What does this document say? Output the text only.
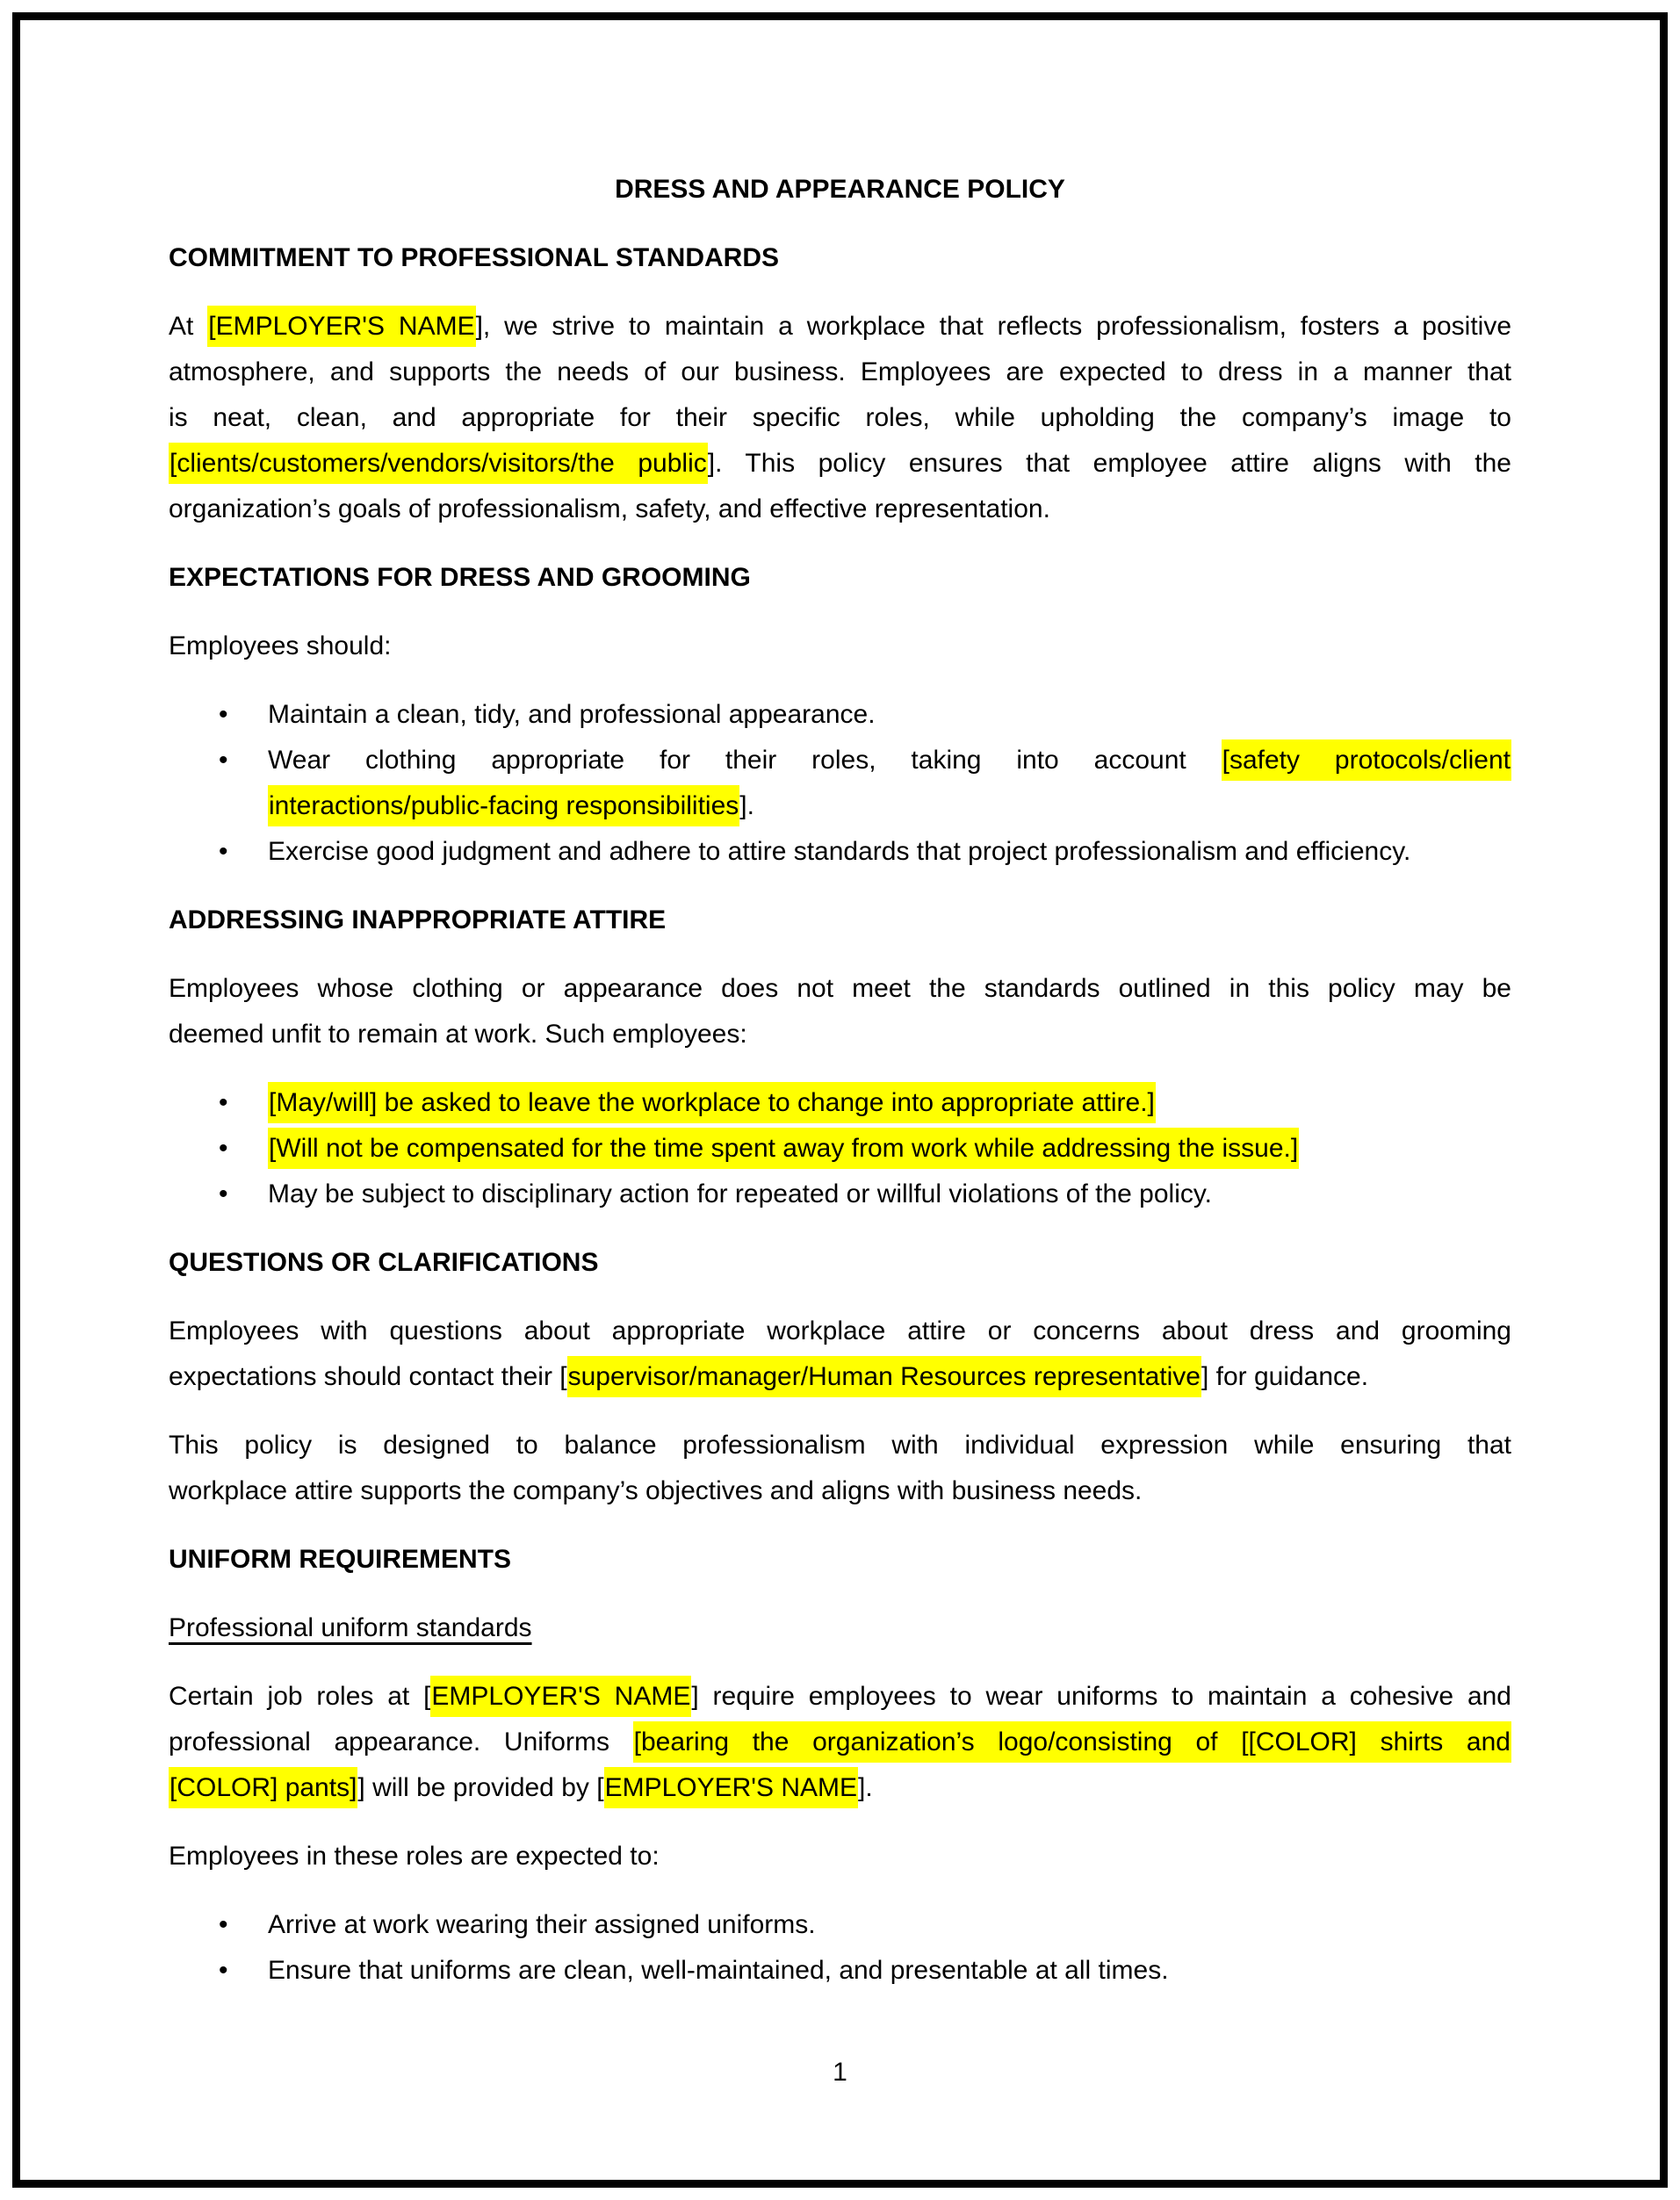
DRESS AND APPEARANCE POLICY
COMMITMENT TO PROFESSIONAL STANDARDS
At [EMPLOYER'S NAME], we strive to maintain a workplace that reflects professionalism, fosters a positive
atmosphere, and supports the needs of our business. Employees are expected to dress in a manner that
is neat, clean, and appropriate for their specific roles, while upholding the company’s image to
[clients/customers/vendors/visitors/the public]. This policy ensures that employee attire aligns with the
organization’s goals of professionalism, safety, and effective representation.
EXPECTATIONS FOR DRESS AND GROOMING
Employees should:
• Maintain a clean, tidy, and professional appearance.
• Wear clothing appropriate for their roles, taking into account [safety protocols/client
interactions/public-facing responsibilities].
• Exercise good judgment and adhere to attire standards that project professionalism and efficiency.
ADDRESSING INAPPROPRIATE ATTIRE
Employees whose clothing or appearance does not meet the standards outlined in this policy may be
deemed unfit to remain at work. Such employees:
• [May/will] be asked to leave the workplace to change into appropriate attire.]
• [Will not be compensated for the time spent away from work while addressing the issue.]
• May be subject to disciplinary action for repeated or willful violations of the policy.
QUESTIONS OR CLARIFICATIONS
Employees with questions about appropriate workplace attire or concerns about dress and grooming
expectations should contact their [supervisor/manager/Human Resources representative] for guidance.
This policy is designed to balance professionalism with individual expression while ensuring that
workplace attire supports the company’s objectives and aligns with business needs.
UNIFORM REQUIREMENTS
Professional uniform standards
Certain job roles at [EMPLOYER'S NAME] require employees to wear uniforms to maintain a cohesive and
professional appearance. Uniforms [bearing the organization’s logo/consisting of [[COLOR] shirts and
[COLOR] pants]] will be provided by [EMPLOYER'S NAME].
Employees in these roles are expected to:
• Arrive at work wearing their assigned uniforms.
• Ensure that uniforms are clean, well-maintained, and presentable at all times.
1
